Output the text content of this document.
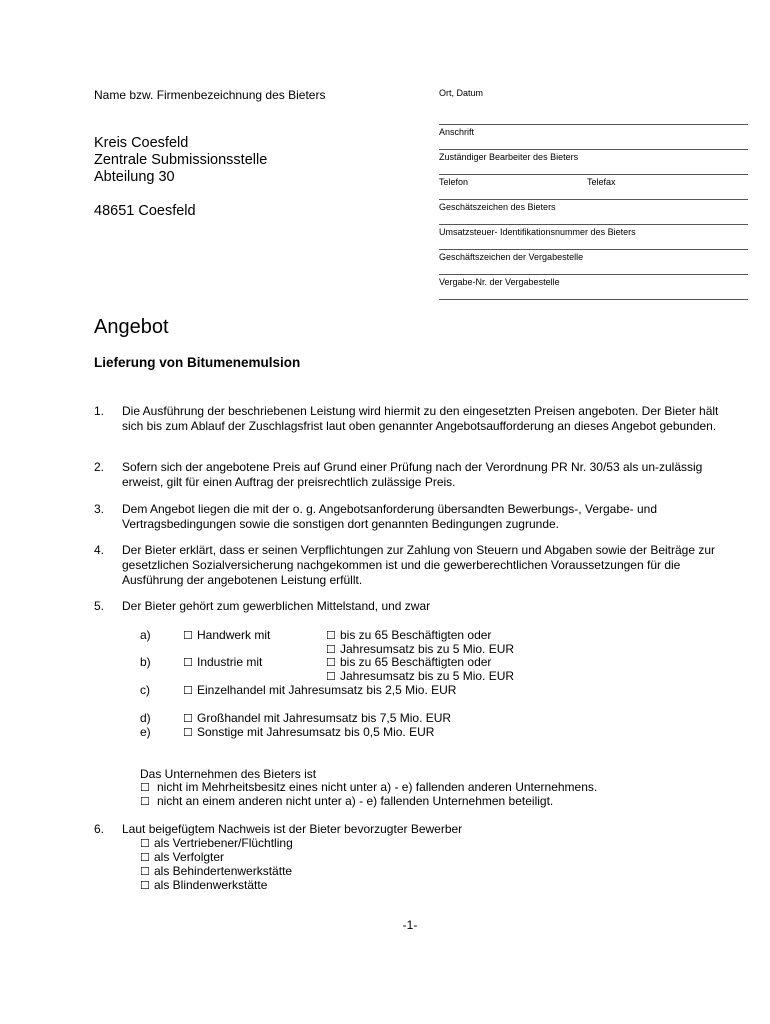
Name bzw. Firmenbezeichnung des Bieters
Kreis Coesfeld
Zentrale Submissionsstelle
Abteilung 30
48651 Coesfeld
Ort, Datum
Anschrift
Zuständiger Bearbeiter des Bieters
Telefon	Telefax
Geschätszeichen des Bieters
Umsatzsteuer- Identifikationsnummer des Bieters
Geschäftszeichen der Vergabestelle
Vergabe-Nr. der Vergabestelle
Angebot
Lieferung von Bitumenemulsion
1. Die Ausführung der beschriebenen Leistung wird hiermit zu den eingesetzten Preisen angeboten. Der Bieter hält sich bis zum Ablauf der Zuschlagsfrist laut oben genannter Angebotsaufforderung an dieses Angebot gebunden.
2. Sofern sich der angebotene Preis auf Grund einer Prüfung nach der Verordnung PR Nr. 30/53 als un-zulässig erweist, gilt für einen Auftrag der preisrechtlich zulässige Preis.
3. Dem Angebot liegen die mit der o. g. Angebotsanforderung übersandten Bewerbungs-, Vergabe- und Vertragsbedingungen sowie die sonstigen dort genannten Bedingungen zugrunde.
4. Der Bieter erklärt, dass er seinen Verpflichtungen zur Zahlung von Steuern und Abgaben sowie der Beiträge zur gesetzlichen Sozialversicherung nachgekommen ist und die gewerberechtlichen Voraussetzungen für die Ausführung der angebotenen Leistung erfüllt.
5. Der Bieter gehört zum gewerblichen Mittelstand, und zwar
a)	☐ Handwerk mit	☐ bis zu 65 Beschäftigten oder
☐ Jahresumsatz bis zu 5 Mio. EUR
b)	☐ Industrie mit	☐ bis zu 65 Beschäftigten oder
☐ Jahresumsatz bis zu 5 Mio. EUR
c)	☐ Einzelhandel mit Jahresumsatz bis 2,5 Mio. EUR
d)	☐ Großhandel mit Jahresumsatz bis 7,5 Mio. EUR
e)	☐ Sonstige mit Jahresumsatz bis 0,5 Mio. EUR
Das Unternehmen des Bieters ist
☐ nicht im Mehrheitsbesitz eines nicht unter a) - e) fallenden anderen Unternehmens.
☐ nicht an einem anderen nicht unter a) - e) fallenden Unternehmen beteiligt.
6. Laut beigefügtem Nachweis ist der Bieter bevorzugter Bewerber
☐ als Vertriebener/Flüchtling
☐ als Verfolgter
☐ als Behindertenwerkstätte
☐ als Blindenwerkstätte
-1-
